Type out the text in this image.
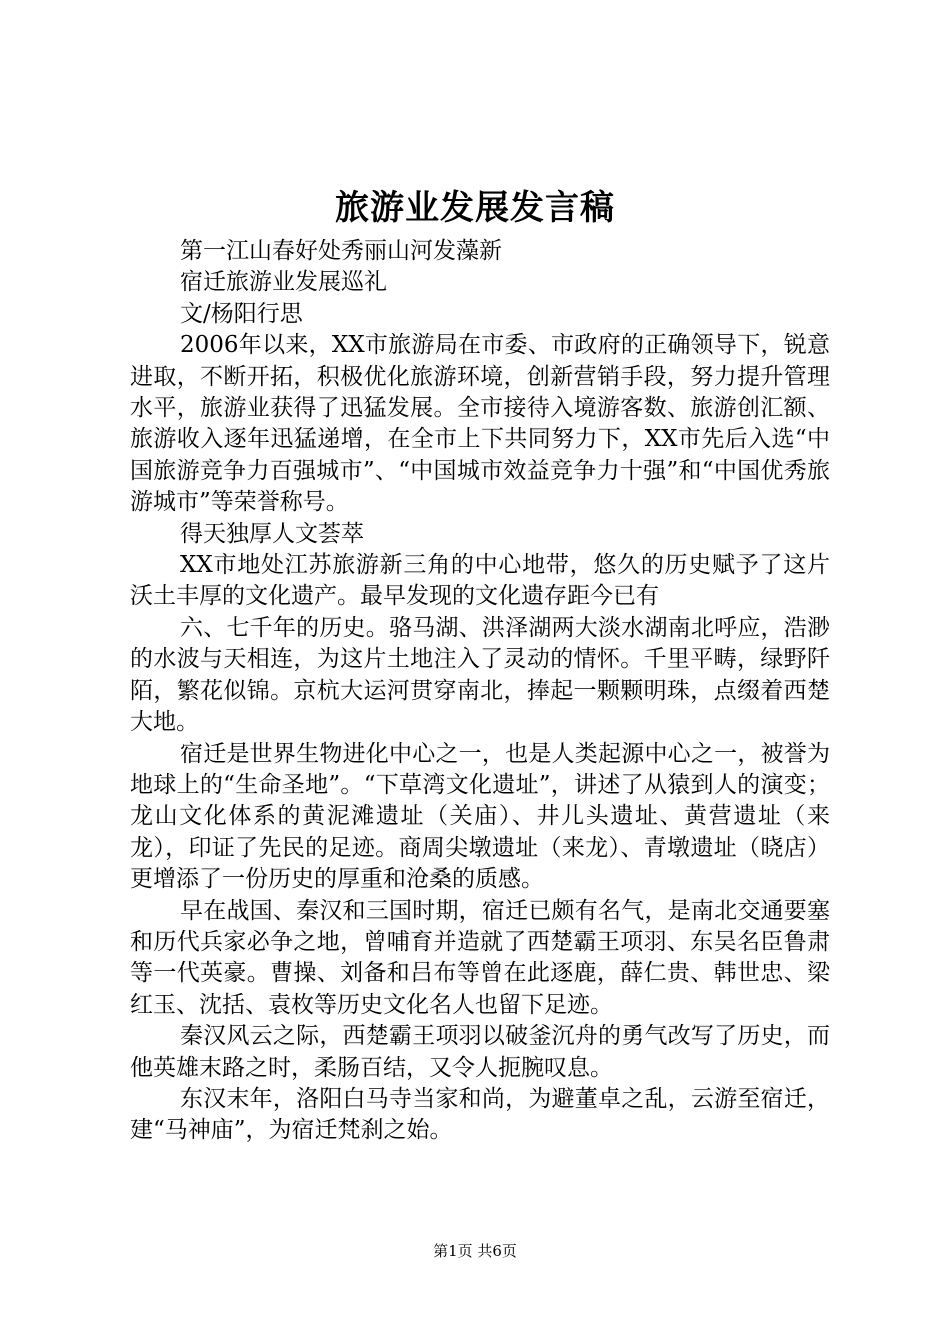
旅游业发展发言稿

第一江山春好处秀丽山河发藻新

宿迁旅游业发展巡礼

文/杨阳行思

2006年以来，XX市旅游局在市委、市政府的正确领导下，锐意进取，不断开拓，积极优化旅游环境，创新营销手段，努力提升管理水平，旅游业获得了迅猛发展。全市接待入境游客数、旅游创汇额、旅游收入逐年迅猛递增，在全市上下共同努力下，XX市先后入选“中国旅游竞争力百强城市”、“中国城市效益竞争力十强”和“中国优秀旅游城市”等荣誉称号。

得天独厚人文荟萃

XX市地处江苏旅游新三角的中心地带，悠久的历史赋予了这片沃土丰厚的文化遗产。最早发现的文化遗存距今已有

六、七千年的历史。骆马湖、洪泽湖两大淡水湖南北呼应，浩渺的水波与天相连，为这片土地注入了灵动的情怀。千里平畴，绿野阡陌，繁花似锦。京杭大运河贯穿南北，捧起一颗颗明珠，点缀着西楚大地。

宿迁是世界生物进化中心之一，也是人类起源中心之一，被誉为地球上的“生命圣地”。“下草湾文化遗址”，讲述了从猿到人的演变；龙山文化体系的黄泥滩遗址（关庙）、井儿头遗址、黄营遗址（来龙），印证了先民的足迹。商周尖墩遗址（来龙）、青墩遗址（晓店）更增添了一份历史的厚重和沧桑的质感。

早在战国、秦汉和三国时期，宿迁已颇有名气，是南北交通要塞和历代兵家必争之地，曾哺育并造就了西楚霸王项羽、东吴名臣鲁肃等一代英豪。曹操、刘备和吕布等曾在此逐鹿，薛仁贵、韩世忠、梁红玉、沈括、袁枚等历史文化名人也留下足迹。

秦汉风云之际，西楚霸王项羽以破釜沉舟的勇气改写了历史，而他英雄末路之时，柔肠百结，又令人扼腕叹息。

东汉末年，洛阳白马寺当家和尚，为避董卓之乱，云游至宿迁，建“马神庙”，为宿迁梵刹之始。

第1页 共6页
